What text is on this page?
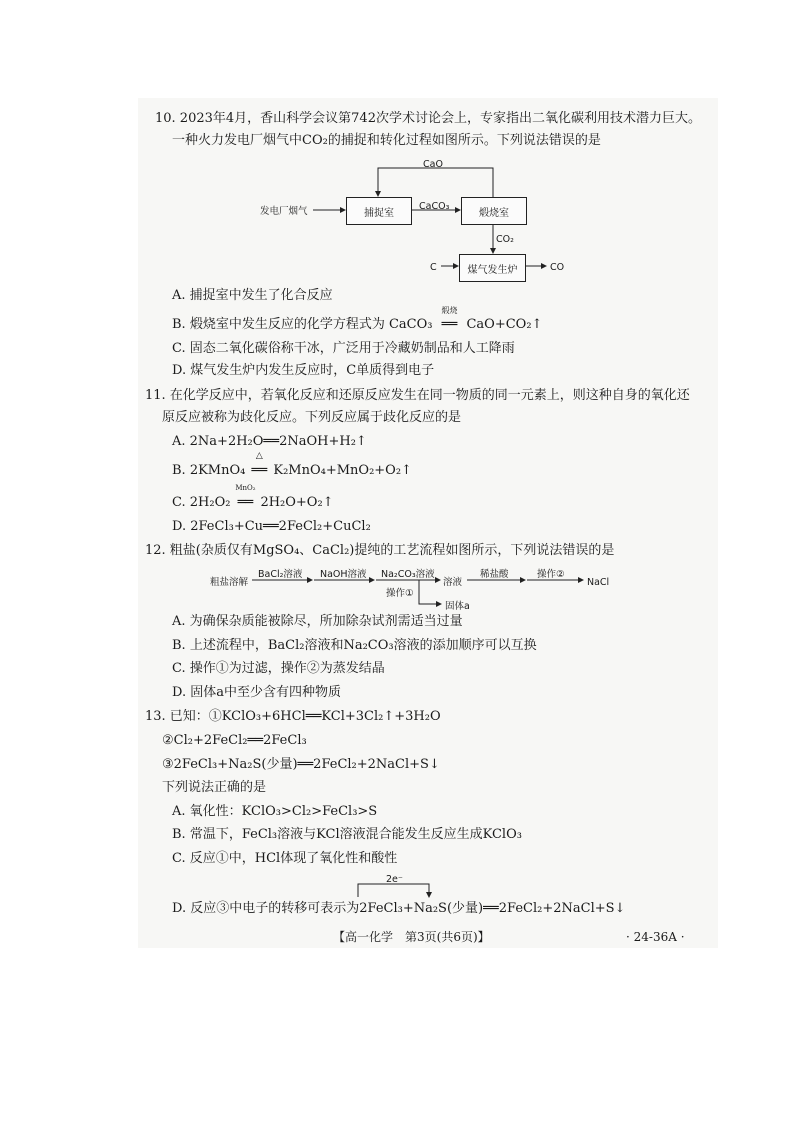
10. 2023年4月，香山科学会议第742次学术讨论会上，专家指出二氧化碳利用技术潜力巨大。
一种火力发电厂烟气中CO₂的捕捉和转化过程如图所示。下列说法错误的是
CaO
发电厂烟气	捕捉室
CaCO₃
煅烧室
CO₂
C	煤气发生炉	CO
A. 捕捉室中发生了化合反应
B. 煅烧室中发生反应的化学方程式为 CaCO₃
煅烧
══ CaO+CO₂↑
C. 固态二氧化碳俗称干冰，广泛用于冷藏奶制品和人工降雨
D. 煤气发生炉内发生反应时，C单质得到电子
11. 在化学反应中，若氧化反应和还原反应发生在同一物质的同一元素上，则这种自身的氧化还
原反应被称为歧化反应。下列反应属于歧化反应的是
A. 2Na+2H₂O══2NaOH+H₂↑
B. 2KMnO₄
△
══ K₂MnO₄+MnO₂+O₂↑
C. 2H₂O₂
MnO₂
══ 2H₂O+O₂↑
D. 2FeCl₃+Cu══2FeCl₂+CuCl₂
12. 粗盐(杂质仅有MgSO₄、CaCl₂)提纯的工艺流程如图所示，下列说法错误的是
粗盐溶解
BaCl₂溶液 NaOH溶液 Na₂CO₃溶液
操作①
溶液
稀盐酸	操作②
NaCl
固体a
A. 为确保杂质能被除尽，所加除杂试剂需适当过量
B. 上述流程中，BaCl₂溶液和Na₂CO₃溶液的添加顺序可以互换
C. 操作①为过滤，操作②为蒸发结晶
D. 固体a中至少含有四种物质
13. 已知：①KClO₃+6HCl══KCl+3Cl₂↑+3H₂O
②Cl₂+2FeCl₂══2FeCl₃
③2FeCl₃+Na₂S(少量)══2FeCl₂+2NaCl+S↓
下列说法正确的是
A. 氧化性：KClO₃>Cl₂>FeCl₃>S
B. 常温下，FeCl₃溶液与KCl溶液混合能发生反应生成KClO₃
C. 反应①中，HCl体现了氧化性和酸性
2e⁻
D. 反应③中电子的转移可表示为2FeCl₃+Na₂S(少量)══2FeCl₂+2NaCl+S↓
【高一化学　第3页(共6页)】	· 24-36A ·
